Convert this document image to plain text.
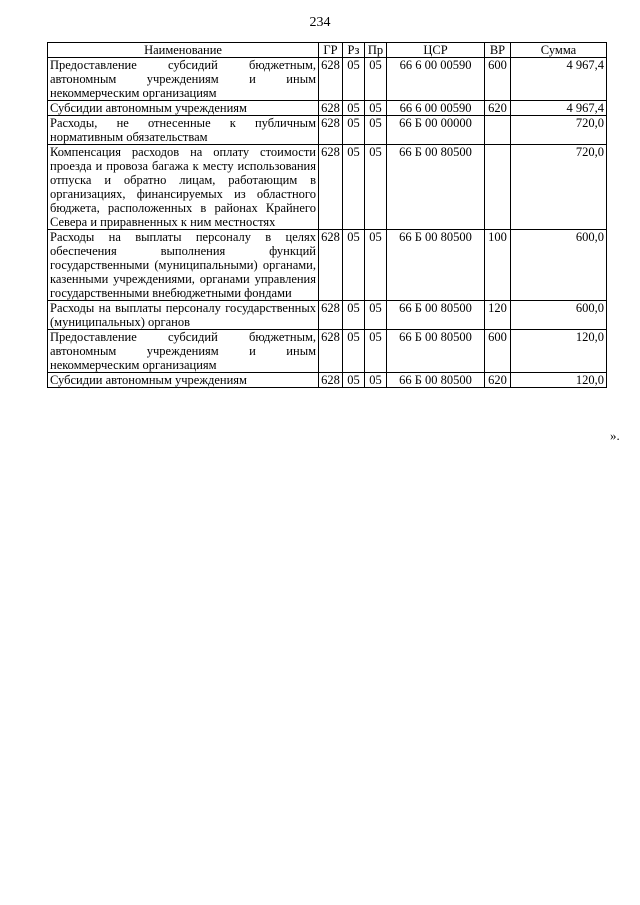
234
Наименование	ГР	Рз	Пр	ЦСР	ВР	Сумма
Предоставление субсидий бюджетным, автономным учреждениям и иным некоммерческим организациям	628	05	05	66 6 00 00590	600	4 967,4
Субсидии автономным учреждениям	628	05	05	66 6 00 00590	620	4 967,4
Расходы, не отнесенные к публичным нормативным обязательствам	628	05	05	66 Б 00 00000		720,0
Компенсация расходов на оплату стоимости проезда и провоза багажа к месту использования отпуска и обратно лицам, работающим в организациях, финансируемых из областного бюджета, расположенных в районах Крайнего Севера и приравненных к ним местностях	628	05	05	66 Б 00 80500		720,0
Расходы на выплаты персоналу в целях обеспечения выполнения функций государственными (муниципальными) органами, казенными учреждениями, органами управления государственными внебюджетными фондами	628	05	05	66 Б 00 80500	100	600,0
Расходы на выплаты персоналу государственных (муниципальных) органов	628	05	05	66 Б 00 80500	120	600,0
Предоставление субсидий бюджетным, автономным учреждениям и иным некоммерческим организациям	628	05	05	66 Б 00 80500	600	120,0
Субсидии автономным учреждениям	628	05	05	66 Б 00 80500	620	120,0
».
